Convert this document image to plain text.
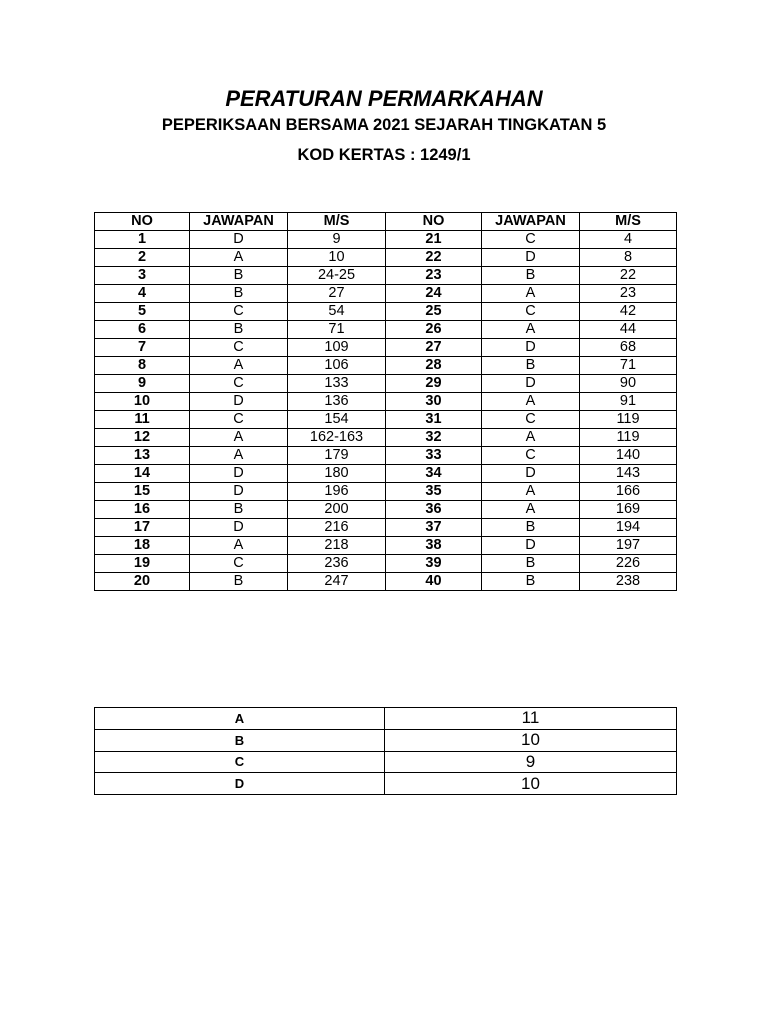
PERATURAN PERMARKAHAN
PEPERIKSAAN BERSAMA 2021 SEJARAH TINGKATAN 5
KOD KERTAS : 1249/1
NO	JAWAPAN	M/S	NO	JAWAPAN	M/S
1	D	9	21	C	4
2	A	10	22	D	8
3	B	24-25	23	B	22
4	B	27	24	A	23
5	C	54	25	C	42
6	B	71	26	A	44
7	C	109	27	D	68
8	A	106	28	B	71
9	C	133	29	D	90
10	D	136	30	A	91
11	C	154	31	C	119
12	A	162-163	32	A	119
13	A	179	33	C	140
14	D	180	34	D	143
15	D	196	35	A	166
16	B	200	36	A	169
17	D	216	37	B	194
18	A	218	38	D	197
19	C	236	39	B	226
20	B	247	40	B	238
A	11
B	10
C	9
D	10
